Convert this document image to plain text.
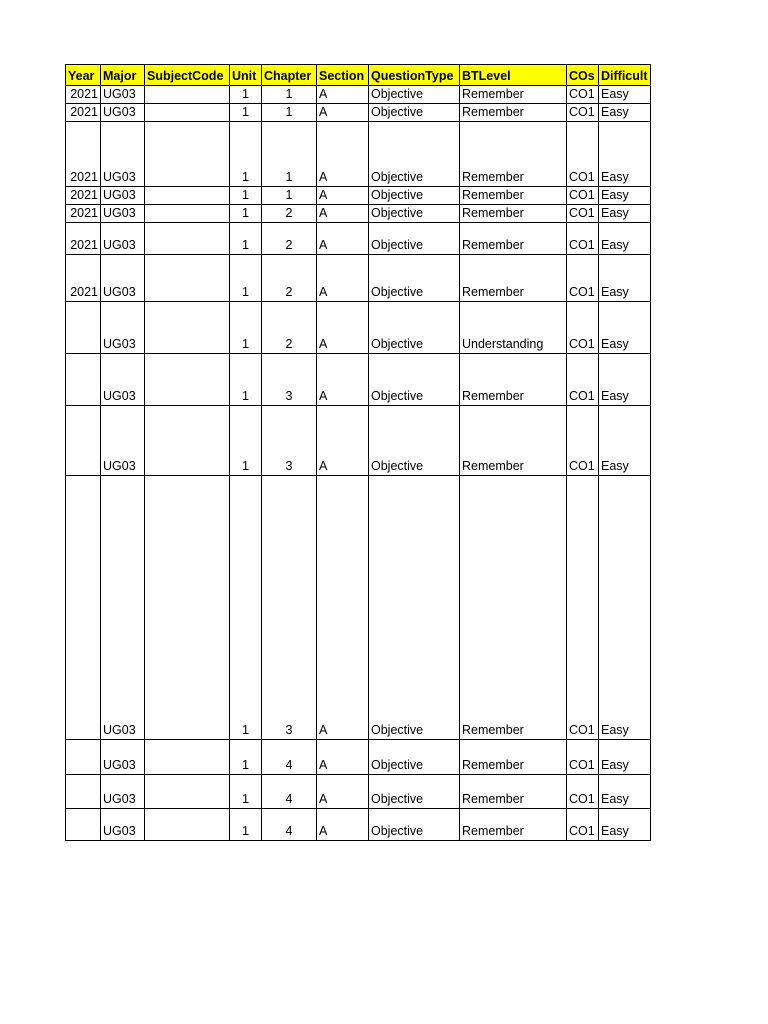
Year	Major	SubjectCode	Unit	Chapter	Section	QuestionType	BTLevel	COs	Difficult
2021	UG03		1	1	A	Objective	Remember	CO1	Easy
2021	UG03		1	1	A	Objective	Remember	CO1	Easy
2021	UG03		1	1	A	Objective	Remember	CO1	Easy
2021	UG03		1	1	A	Objective	Remember	CO1	Easy
2021	UG03		1	2	A	Objective	Remember	CO1	Easy
2021	UG03		1	2	A	Objective	Remember	CO1	Easy
2021	UG03		1	2	A	Objective	Remember	CO1	Easy
	UG03		1	2	A	Objective	Understanding	CO1	Easy
	UG03		1	3	A	Objective	Remember	CO1	Easy
	UG03		1	3	A	Objective	Remember	CO1	Easy
	UG03		1	3	A	Objective	Remember	CO1	Easy
	UG03		1	4	A	Objective	Remember	CO1	Easy
	UG03		1	4	A	Objective	Remember	CO1	Easy
	UG03		1	4	A	Objective	Remember	CO1	Easy
